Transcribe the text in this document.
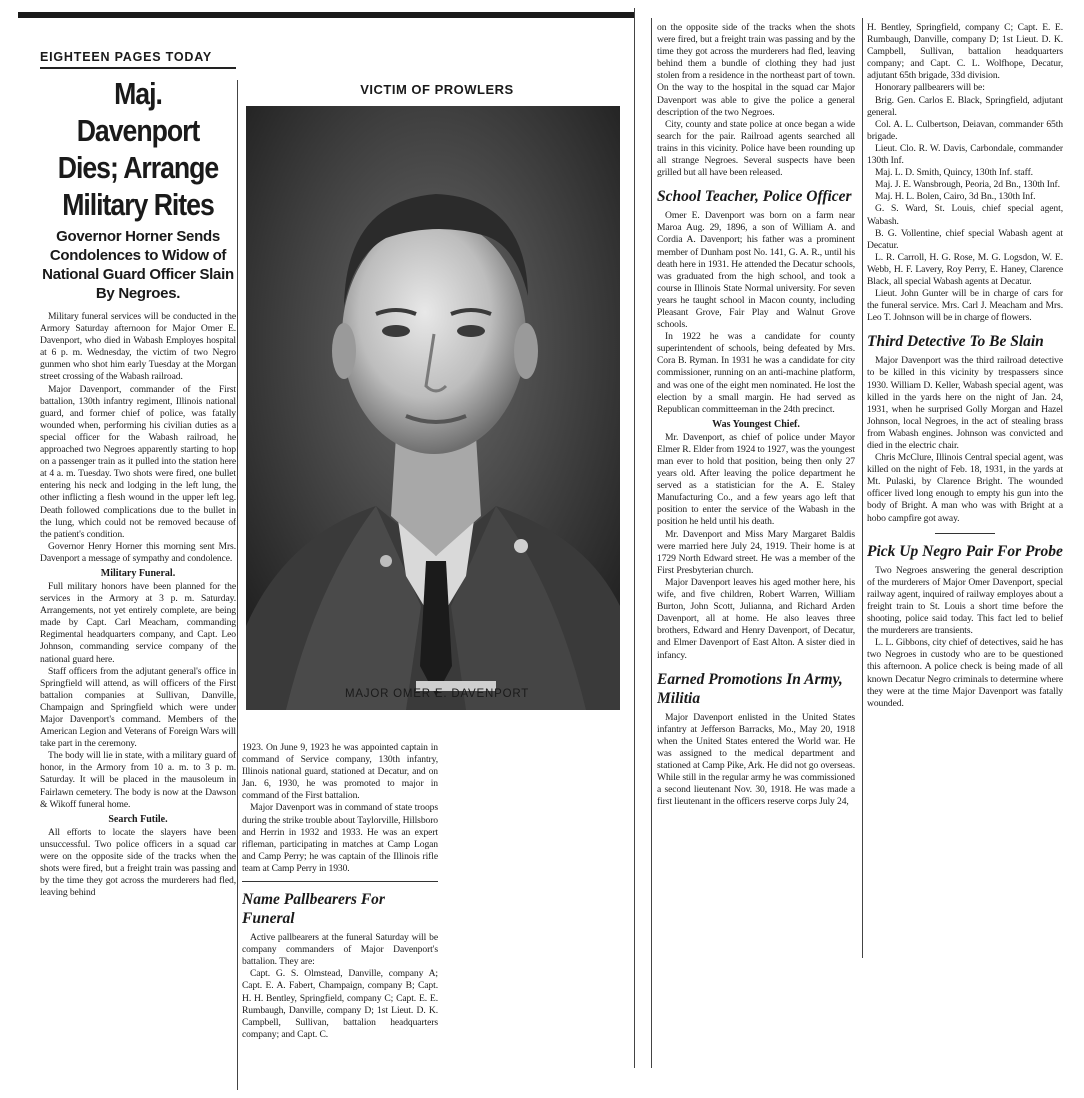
EIGHTEEN PAGES TODAY

Maj. Davenport Dies; Arrange Military Rites
Governor Horner Sends Condolences to Widow of National Guard Officer Slain By Negroes.

Military funeral services will be conducted in the Armory Saturday afternoon for Major Omer E. Davenport, who died in Wabash Employes hospital at 6 p. m. Wednesday, the victim of two Negro gunmen who shot him early Tuesday at the Morgan street crossing of the Wabash railroad.

Major Davenport, commander of the First battalion, 130th infantry regiment, Illinois national guard, and former chief of police, was fatally wounded when, performing his civilian duties as a special officer for the Wabash railroad, he approached two Negroes apparently starting to hop on a passenger train as it pulled into the station here at 4 a. m. Tuesday. Two shots were fired, one bullet entering his neck and lodging in the left lung, the other inflicting a flesh wound in the upper left leg. Death followed complications due to the bullet in the lung, which could not be removed because of the patient's condition.

Governor Henry Horner this morning sent Mrs. Davenport a message of sympathy and condolence.

Military Funeral.

Full military honors have been planned for the services in the Armory at 3 p. m. Saturday. Arrangements, not yet entirely complete, are being made by Capt. Carl Meacham, commanding Regimental headquarters company, and Capt. Leo Johnson, commanding service company of the national guard here.

Staff officers from the adjutant general's office in Springfield will attend, as will officers of the First battalion companies at Sullivan, Danville, Champaign and Springfield which were under Major Davenport's command. Members of the American Legion and Veterans of Foreign Wars will take part in the ceremony.

The body will lie in state, with a military guard of honor, in the Armory from 10 a. m. to 3 p. m. Saturday. It will be placed in the mausoleum in Fairlawn cemetery. The body is now at the Dawson & Wikoff funeral home.

Search Futile.

All efforts to locate the slayers have been unsuccessful. Two police officers in a squad car were on the opposite side of the tracks when the shots were fired, but a freight train was passing and by the time they got across the murderers had fled, leaving behind

VICTIM OF PROWLERS
MAJOR OMER E. DAVENPORT

1923. On June 9, 1923 he was appointed captain in command of Service company, 130th infantry, Illinois national guard, stationed at Decatur, and on Jan. 6, 1930, he was promoted to major in command of the First battalion.

Major Davenport was in command of state troops during the strike trouble about Taylorville, Hillsboro and Herrin in 1932 and 1933. He was an expert rifleman, participating in matches at Camp Logan and Camp Perry; he was captain of the Illinois rifle team at Camp Perry in 1930.

Name Pallbearers For Funeral

Active pallbearers at the funeral Saturday will be company commanders of Major Davenport's battalion. They are:

Capt. G. S. Olmstead, Danville, company A; Capt. E. A. Fabert, Champaign, company B; Capt. H. H. Bentley, Springfield, company C; Capt. E. E. Rumbaugh, Danville, company D; 1st Lieut. D. K. Campbell, Sullivan, battalion headquarters company; and Capt. C.

on the opposite side of the tracks when the shots were fired, but a freight train was passing and by the time they got across the murderers had fled, leaving behind them a bundle of clothing they had just stolen from a residence in the northeast part of town. On the way to the hospital in the squad car Major Davenport was able to give the police a general description of the two Negroes.

City, county and state police at once began a wide search for the pair. Railroad agents searched all trains in this vicinity. Police have been rounding up all strange Negroes. Several suspects have been grilled but all have been released.

School Teacher, Police Officer

Omer E. Davenport was born on a farm near Maroa Aug. 29, 1896, a son of William A. and Cordia A. Davenport; his father was a prominent member of Dunham post No. 141, G. A. R., until his death here in 1931. He attended the Decatur schools, was graduated from the high school, and took a course in Illinois State Normal university. For seven years he taught school in Macon county, including Pleasant Grove, Fair Play and Walnut Grove schools.

In 1922 he was a candidate for county superintendent of schools, being defeated by Mrs. Cora B. Ryman. In 1931 he was a candidate for city commissioner, running on an anti-machine platform, and was one of the eight men nominated. He lost the election by a small margin. He had served as Republican committeeman in the 24th precinct.

Was Youngest Chief.

Mr. Davenport, as chief of police under Mayor Elmer R. Elder from 1924 to 1927, was the youngest man ever to hold that position, being then only 27 years old. After leaving the police department he served as a statistician for the A. E. Staley Manufacturing Co., and a few years ago left that position to enter the service of the Wabash in the position he held until his death.

Mr. Davenport and Miss Mary Margaret Baldis were married here July 24, 1919. Their home is at 1729 North Edward street. He was a member of the First Presbyterian church.

Major Davenport leaves his aged mother here, his wife, and five children, Robert Warren, William Burton, John Scott, Julianna, and Richard Arden Davenport, all at home. He also leaves three brothers, Edward and Henry Davenport, of Decatur, and Elmer Davenport of East Alton. A sister died in infancy.

Earned Promotions In Army, Militia

Major Davenport enlisted in the United States infantry at Jefferson Barracks, Mo., May 20, 1918 when the United States entered the World war. He was assigned to the medical department and stationed at Camp Pike, Ark. He did not go overseas. While still in the regular army he was commissioned a second lieutenant Nov. 30, 1918. He was made a first lieutenant in the officers reserve corps July 24,

H. Bentley, Springfield, company C; Capt. E. E. Rumbaugh, Danville, company D; 1st Lieut. D. K. Campbell, Sullivan, battalion headquarters company; and Capt. C. L. Wolfhope, Decatur, adjutant 65th brigade, 33d division.

Honorary pallbearers will be:

Brig. Gen. Carlos E. Black, Springfield, adjutant general.

Col. A. L. Culbertson, Deiavan, commander 65th brigade.

Lieut. Clo. R. W. Davis, Carbondale, commander 130th Inf.

Maj. L. D. Smith, Quincy, 130th Inf. staff.

Maj. J. E. Wansbrough, Peoria, 2d Bn., 130th Inf.

Maj. H. L. Bolen, Cairo, 3d Bn., 130th Inf.

G. S. Ward, St. Louis, chief special agent, Wabash.

B. G. Vollentine, chief special Wabash agent at Decatur.

L. R. Carroll, H. G. Rose, M. G. Logsdon, W. E. Webb, H. F. Lavery, Roy Perry, E. Haney, Clarence Black, all special Wabash agents at Decatur.

Lieut. John Gunter will be in charge of cars for the funeral service. Mrs. Carl J. Meacham and Mrs. Leo T. Johnson will be in charge of flowers.

Third Detective To Be Slain

Major Davenport was the third railroad detective to be killed in this vicinity by trespassers since 1930. William D. Keller, Wabash special agent, was killed in the yards here on the night of Jan. 24, 1931, when he surprised Golly Morgan and Hazel Johnson, local Negroes, in the act of stealing brass from Wabash engines. Johnson was convicted and died in the electric chair.

Chris McClure, Illinois Central special agent, was killed on the night of Feb. 18, 1931, in the yards at Mt. Pulaski, by Clarence Bright. The wounded officer lived long enough to empty his gun into the body of Bright. A man who was with Bright at a hobo campfire got away.

Pick Up Negro Pair For Probe

Two Negroes answering the general description of the murderers of Major Omer Davenport, special railway agent, inquired of railway employes about a freight train to St. Louis a short time before the shooting, police said today. This fact led to belief the murderers are transients.

L. L. Gibbons, city chief of detectives, said he has two Negroes in custody who are to be questioned this afternoon. A police check is being made of all known Decatur Negro criminals to determine where they were at the time Major Davenport was fatally wounded.
